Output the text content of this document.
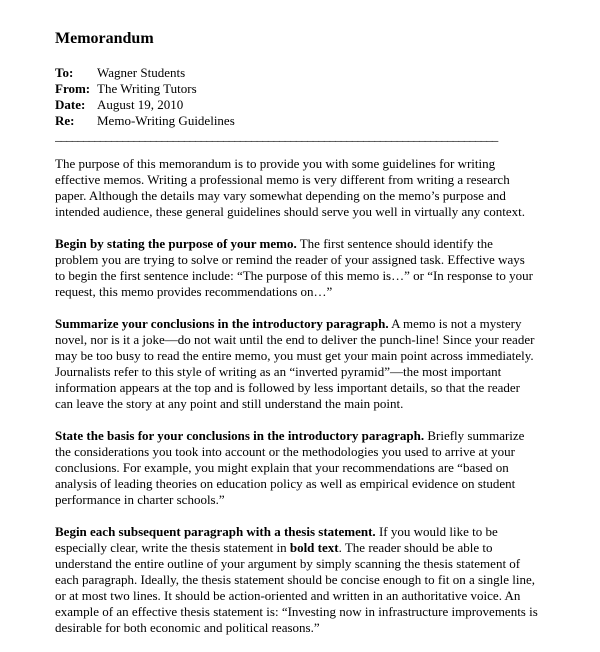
Memorandum
To:	Wagner Students
From: The Writing Tutors
Date: August 19, 2010
Re:	Memo-Writing Guidelines
_______________________________________________________________________________
The purpose of this memorandum is to provide you with some guidelines for writing
effective memos. Writing a professional memo is very different from writing a research
paper. Although the details may vary somewhat depending on the memo’s purpose and
intended audience, these general guidelines should serve you well in virtually any context.
Begin by stating the purpose of your memo. The first sentence should identify the
problem you are trying to solve or remind the reader of your assigned task. Effective ways
to begin the first sentence include: “The purpose of this memo is…” or “In response to your
request, this memo provides recommendations on…”
Summarize your conclusions in the introductory paragraph. A memo is not a mystery
novel, nor is it a joke—do not wait until the end to deliver the punch-line! Since your reader
may be too busy to read the entire memo, you must get your main point across immediately.
Journalists refer to this style of writing as an “inverted pyramid”—the most important
information appears at the top and is followed by less important details, so that the reader
can leave the story at any point and still understand the main point.
State the basis for your conclusions in the introductory paragraph. Briefly summarize
the considerations you took into account or the methodologies you used to arrive at your
conclusions. For example, you might explain that your recommendations are “based on
analysis of leading theories on education policy as well as empirical evidence on student
performance in charter schools.”
Begin each subsequent paragraph with a thesis statement. If you would like to be
especially clear, write the thesis statement in bold text. The reader should be able to
understand the entire outline of your argument by simply scanning the thesis statement of
each paragraph. Ideally, the thesis statement should be concise enough to fit on a single line,
or at most two lines. It should be action-oriented and written in an authoritative voice. An
example of an effective thesis statement is: “Investing now in infrastructure improvements is
desirable for both economic and political reasons.”
